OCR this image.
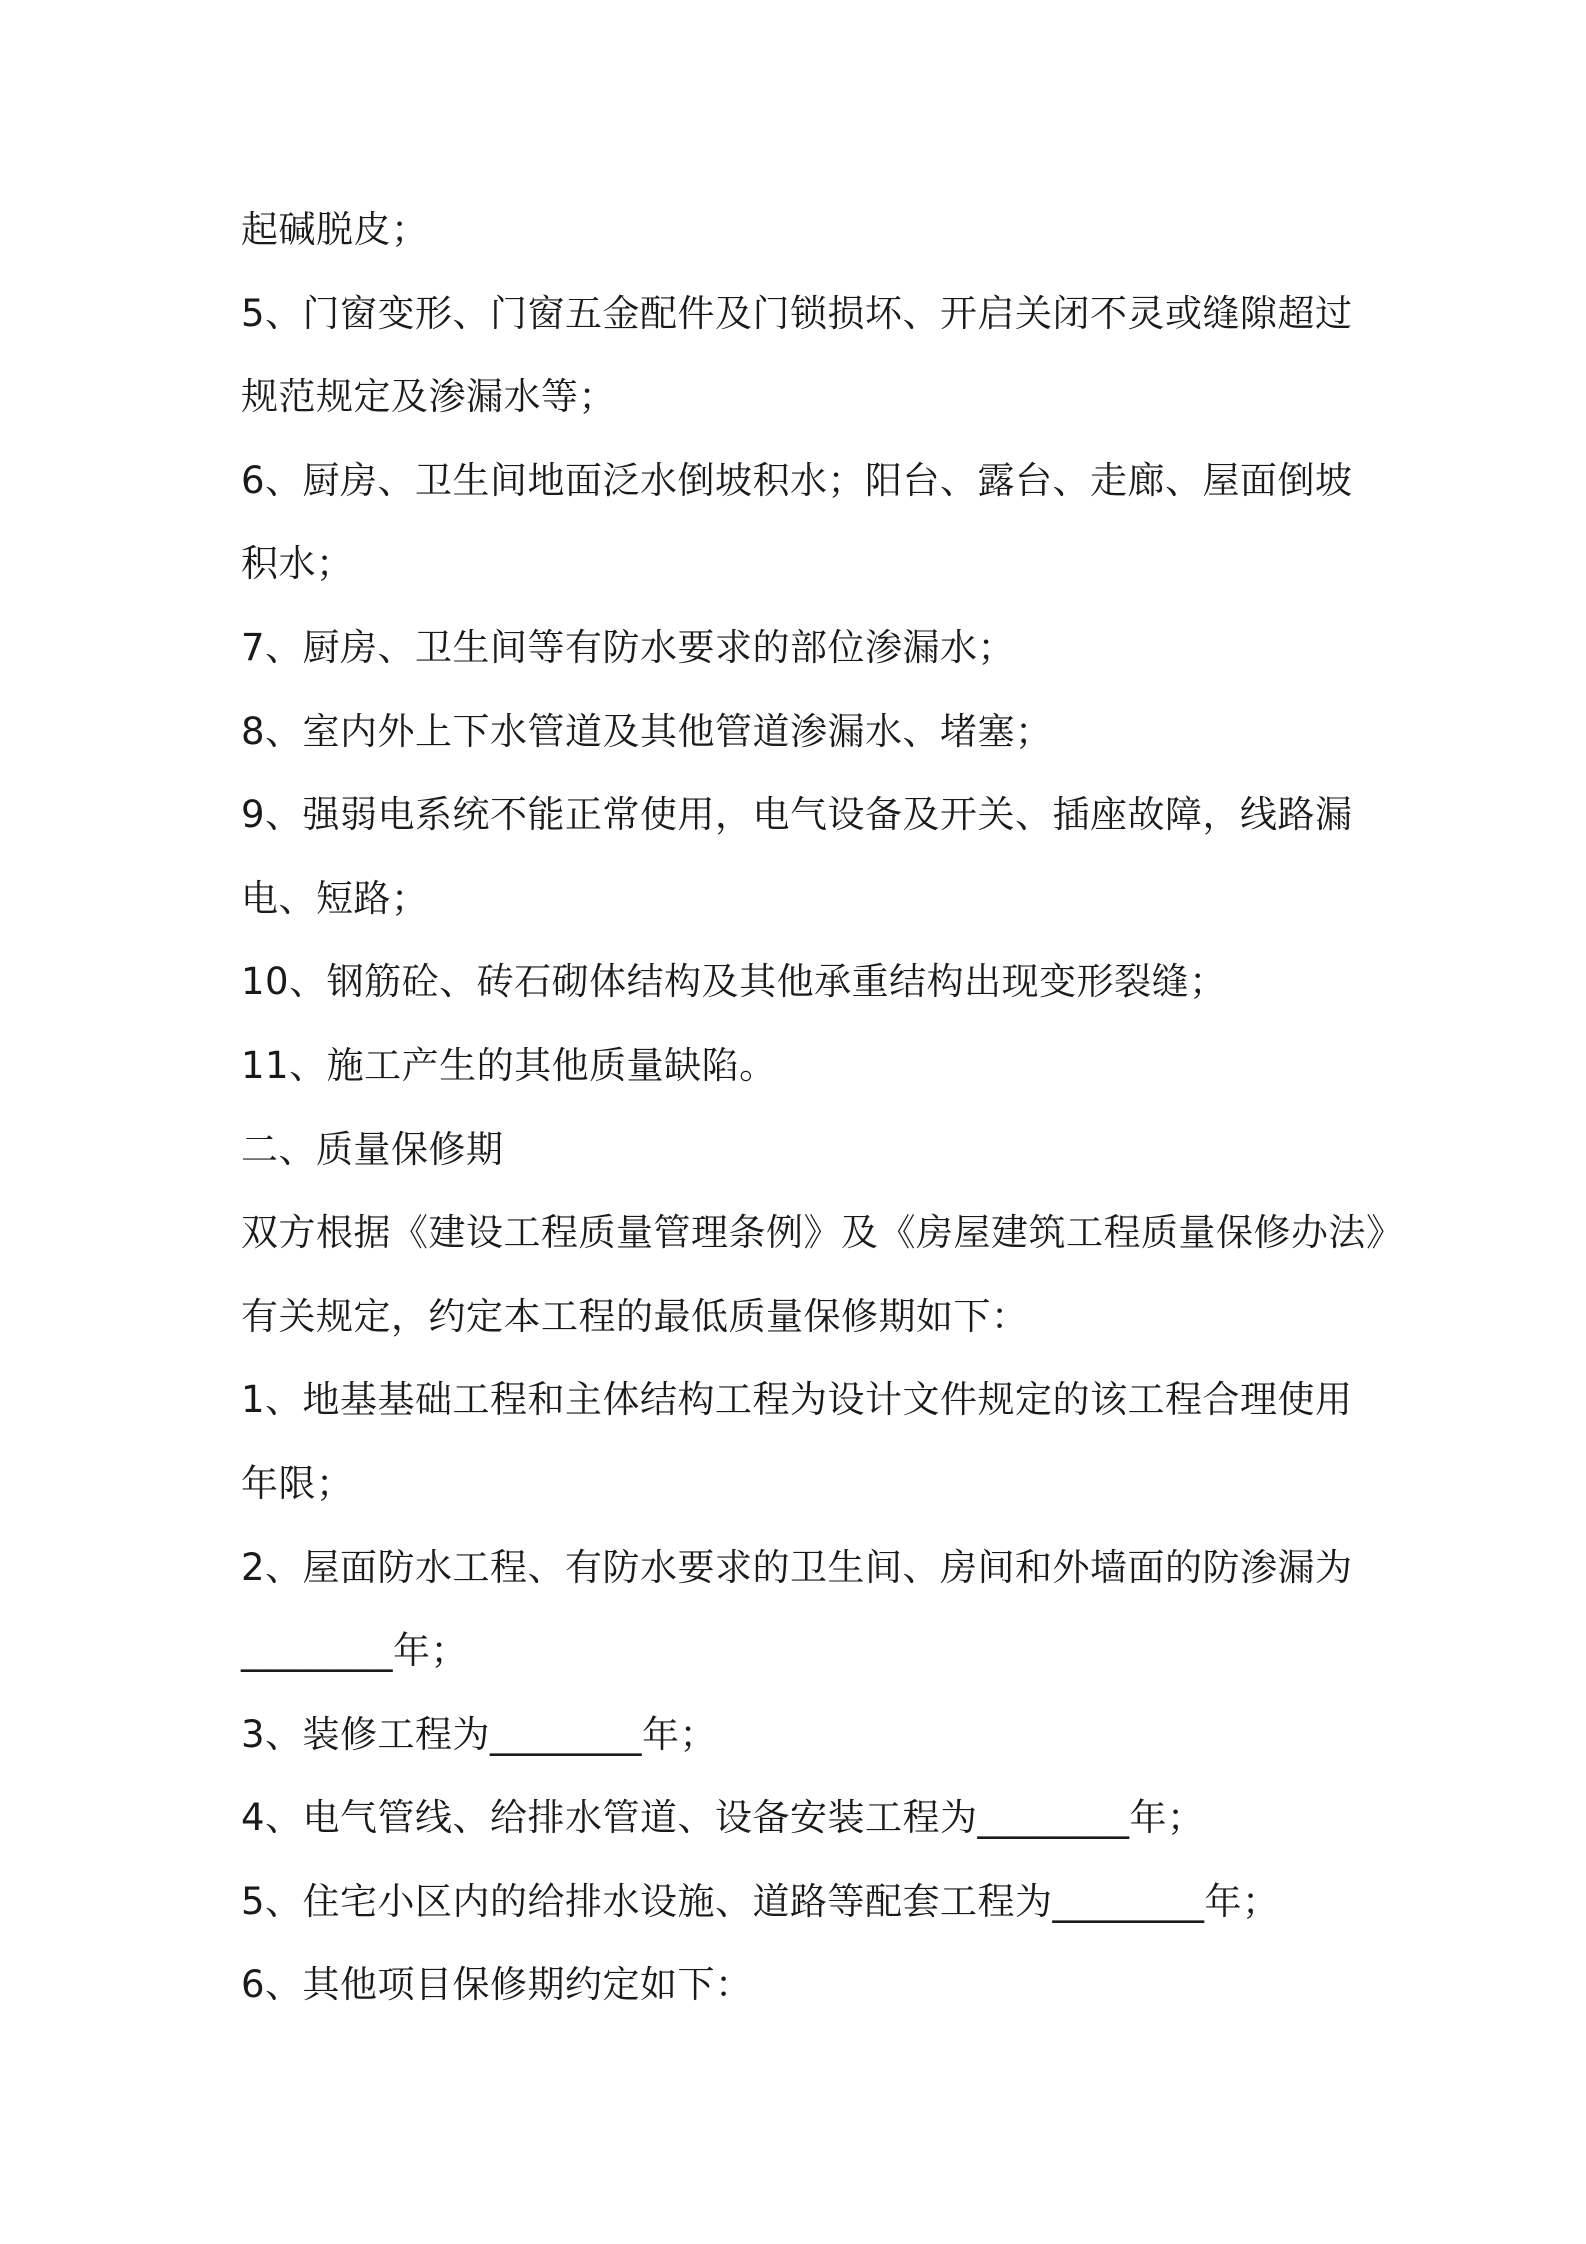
起碱脱皮；
5、门窗变形、门窗五金配件及门锁损坏、开启关闭不灵或缝隙超过
规范规定及渗漏水等；
6、厨房、卫生间地面泛水倒坡积水；阳台、露台、走廊、屋面倒坡
积水；
7、厨房、卫生间等有防水要求的部位渗漏水；
8、室内外上下水管道及其他管道渗漏水、堵塞；
9、强弱电系统不能正常使用，电气设备及开关、插座故障，线路漏
电、短路；
10、钢筋砼、砖石砌体结构及其他承重结构出现变形裂缝；
11、施工产生的其他质量缺陷。
二、质量保修期
双方根据《建设工程质量管理条例》及《房屋建筑工程质量保修办法》
有关规定，约定本工程的最低质量保修期如下：
1、地基基础工程和主体结构工程为设计文件规定的该工程合理使用
年限；
2、屋面防水工程、有防水要求的卫生间、房间和外墙面的防渗漏为
________年；
3、装修工程为________年；
4、电气管线、给排水管道、设备安装工程为________年；
5、住宅小区内的给排水设施、道路等配套工程为________年；
6、其他项目保修期约定如下：
